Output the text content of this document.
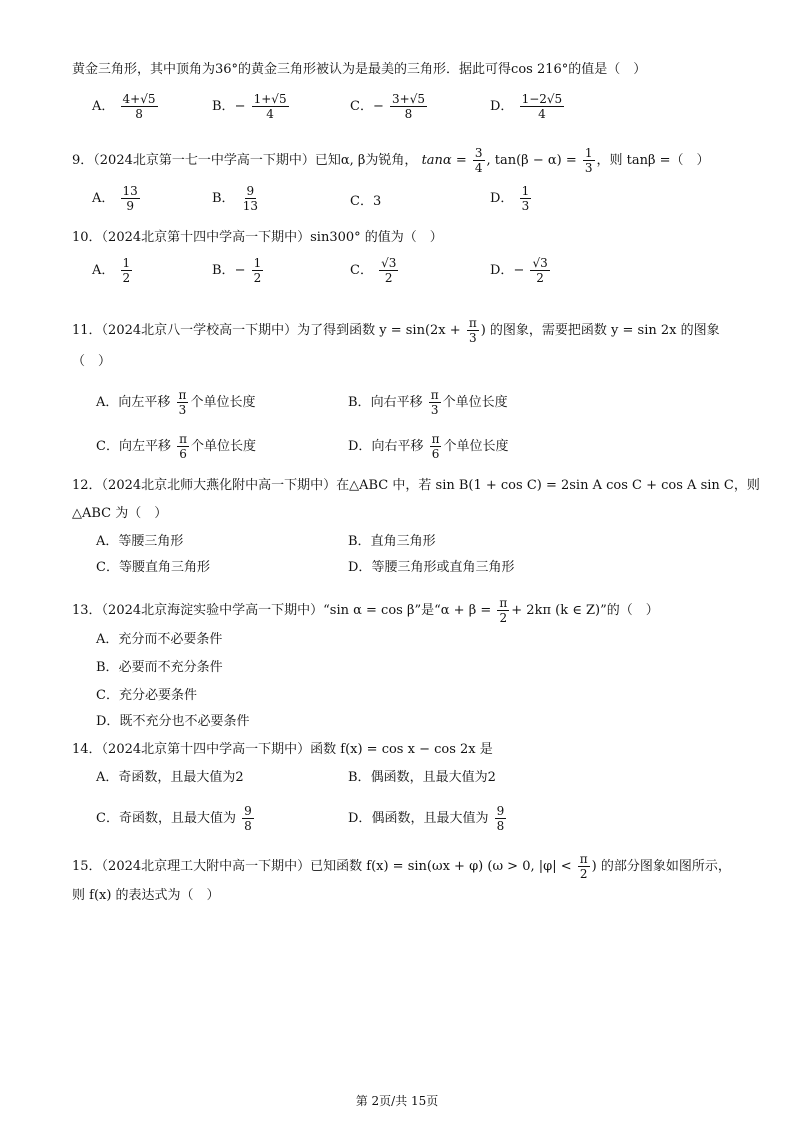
黄金三角形，其中顶角为36°的黄金三角形被认为是最美的三角形．据此可得cos 216°的值是（　）
A． $\frac{4+√5}{8}$	B．− $\frac{1+√5}{4}$	C．− $\frac{3+√5}{8}$	D． $\frac{1-2√5}{4}$
9．（2024北京第一七一中学高一下期中）已知α, β为锐角， $\tan\alpha = \frac{3}{4}$ , $\tan(\beta - \alpha) = \frac{1}{3}$ ，则 tanβ =（　）
A． $\frac{13}{9}$	B． $\frac{9}{13}$	C．3	D． $\frac{1}{3}$
10．（2024北京第十四中学高一下期中）sin300° 的值为（　）
A． $\frac{1}{2}$	B．− $\frac{1}{2}$	C． $\frac{√3}{2}$	D．− $\frac{√3}{2}$
11．（2024北京八一学校高一下期中）为了得到函数 $y = \sin(2x + \frac{\pi}{3}$ ) 的图象，需要把函数 y = sin 2x 的图象
（　）
A．向左平移 $\frac{\pi}{3}$ 个单位长度	B．向右平移 $\frac{\pi}{3}$ 个单位长度
C．向左平移 $\frac{\pi}{6}$ 个单位长度	D．向右平移 $\frac{\pi}{6}$ 个单位长度
12．（2024北京北师大燕化附中高一下期中）在△ABC 中，若 sin B(1 + cos C) = 2sin A cos C + cos A sin C，则
△ABC 为（　）
A．等腰三角形	B．直角三角形
C．等腰直角三角形	D．等腰三角形或直角三角形
13．（2024北京海淀实验中学高一下期中）“sin α = cos β”是“$\alpha + \beta = \frac{\pi}{2} + 2k\pi$ (k ∈ Z)”的（　）
A．充分而不必要条件
B．必要而不充分条件
C．充分必要条件
D．既不充分也不必要条件
14．（2024北京第十四中学高一下期中）函数 f(x) = cos x − cos 2x 是
A．奇函数，且最大值为2	B．偶函数，且最大值为2
C．奇函数，且最大值为 $\frac{9}{8}$	D．偶函数，且最大值为 $\frac{9}{8}$
15．（2024北京理工大附中高一下期中）已知函数 f(x) = sin(ωx + φ) (ω > 0, $|\varphi| < \frac{\pi}{2}$ ) 的部分图象如图所示，
则 f(x) 的表达式为（　）
第 2页/共 15页
